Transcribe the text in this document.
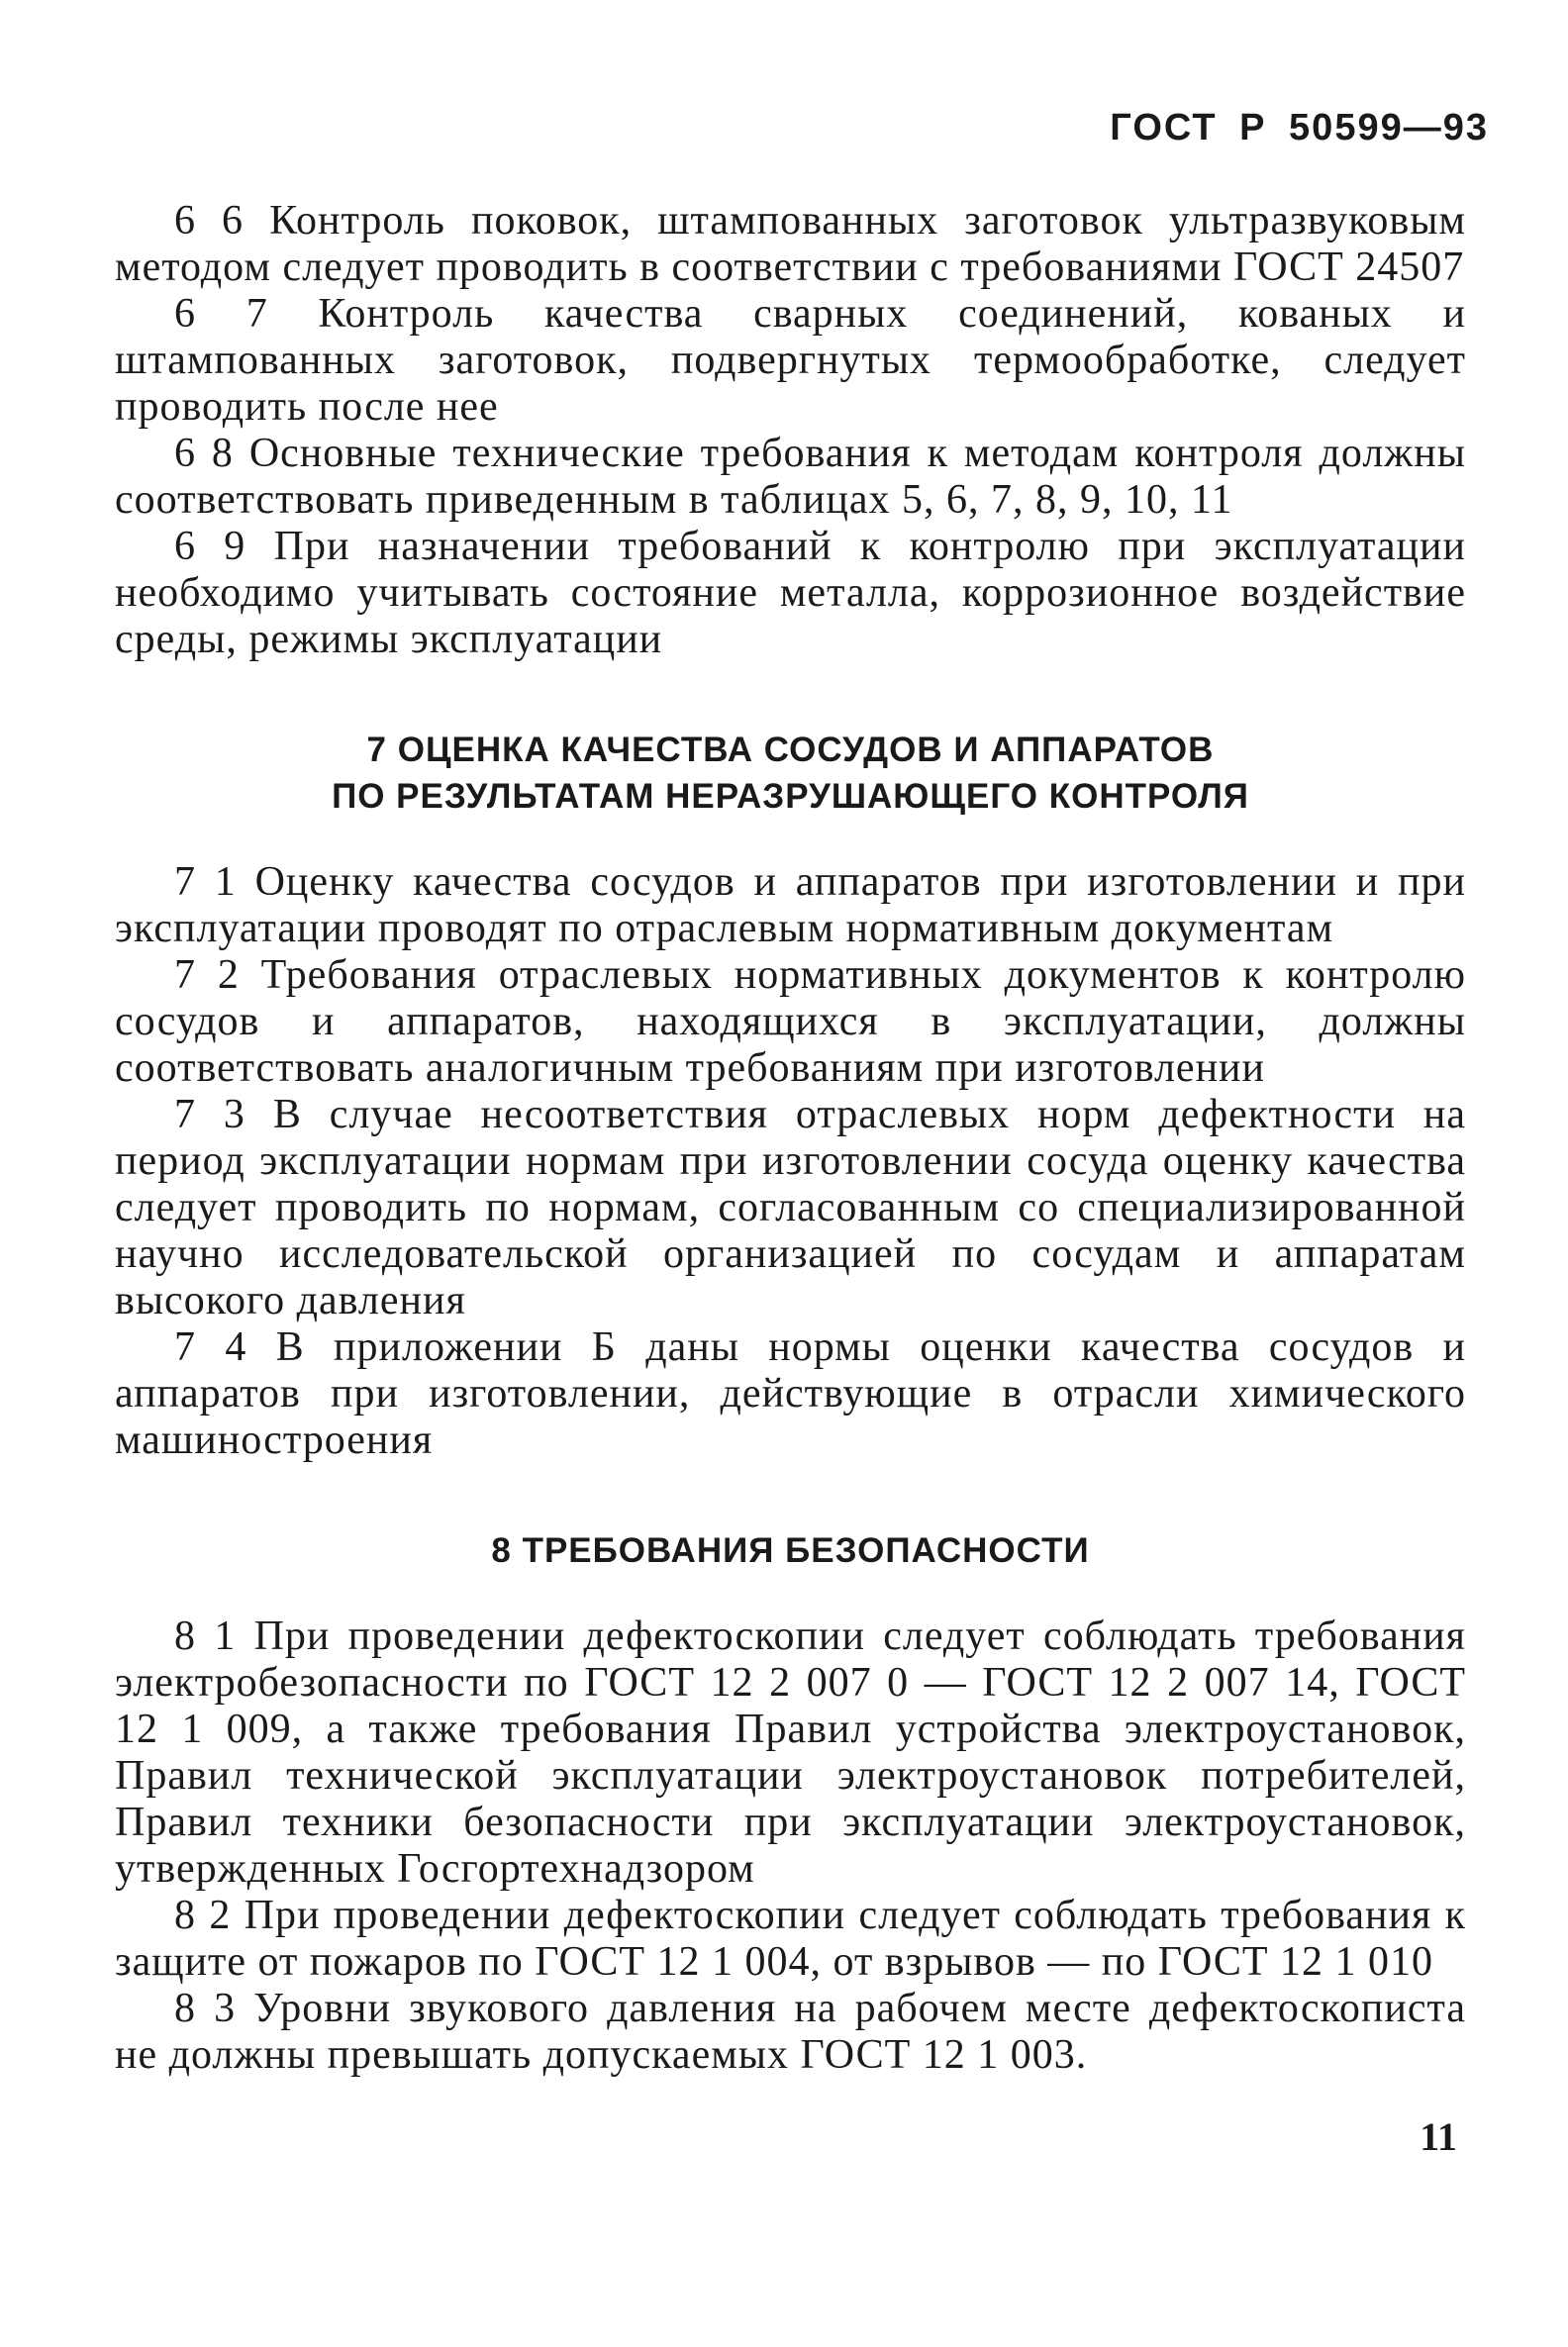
ГОСТ Р 50599—93

6 6 Контроль поковок, штампованных заготовок ультразвуковым методом следует проводить в соответствии с требованиями ГОСТ 24507

6 7 Контроль качества сварных соединений, кованых и штампованных заготовок, подвергнутых термообработке, следует проводить после нее

6 8 Основные технические требования к методам контроля должны соответствовать приведенным в таблицах 5, 6, 7, 8, 9, 10, 11

6 9 При назначении требований к контролю при эксплуатации необходимо учитывать состояние металла, коррозионное воздействие среды, режимы эксплуатации

7 ОЦЕНКА КАЧЕСТВА СОСУДОВ И АППАРАТОВ

ПО РЕЗУЛЬТАТАМ НЕРАЗРУШАЮЩЕГО КОНТРОЛЯ

7 1 Оценку качества сосудов и аппаратов при изготовлении и при эксплуатации проводят по отраслевым нормативным документам

7 2 Требования отраслевых нормативных документов к контролю сосудов и аппаратов, находящихся в эксплуатации, должны соответствовать аналогичным требованиям при изготовлении

7 3 В случае несоответствия отраслевых норм дефектности на период эксплуатации нормам при изготовлении сосуда оценку качества следует проводить по нормам, согласованным со специализированной научно исследовательской организацией по сосудам и аппаратам высокого давления

7 4 В приложении Б даны нормы оценки качества сосудов и аппаратов при изготовлении, действующие в отрасли химического машиностроения

8 ТРЕБОВАНИЯ БЕЗОПАСНОСТИ

8 1 При проведении дефектоскопии следует соблюдать требования электробезопасности по ГОСТ 12 2 007 0 — ГОСТ 12 2 007 14, ГОСТ 12 1 009, а также требования Правил устройства электроустановок, Правил технической эксплуатации электроустановок потребителей, Правил техники безопасности при эксплуатации электроустановок, утвержденных Госгортехнадзором

8 2 При проведении дефектоскопии следует соблюдать требования к защите от пожаров по ГОСТ 12 1 004, от взрывов — по ГОСТ 12 1 010

8 3 Уровни звукового давления на рабочем месте дефектоскописта не должны превышать допускаемых ГОСТ 12 1 003.

11
